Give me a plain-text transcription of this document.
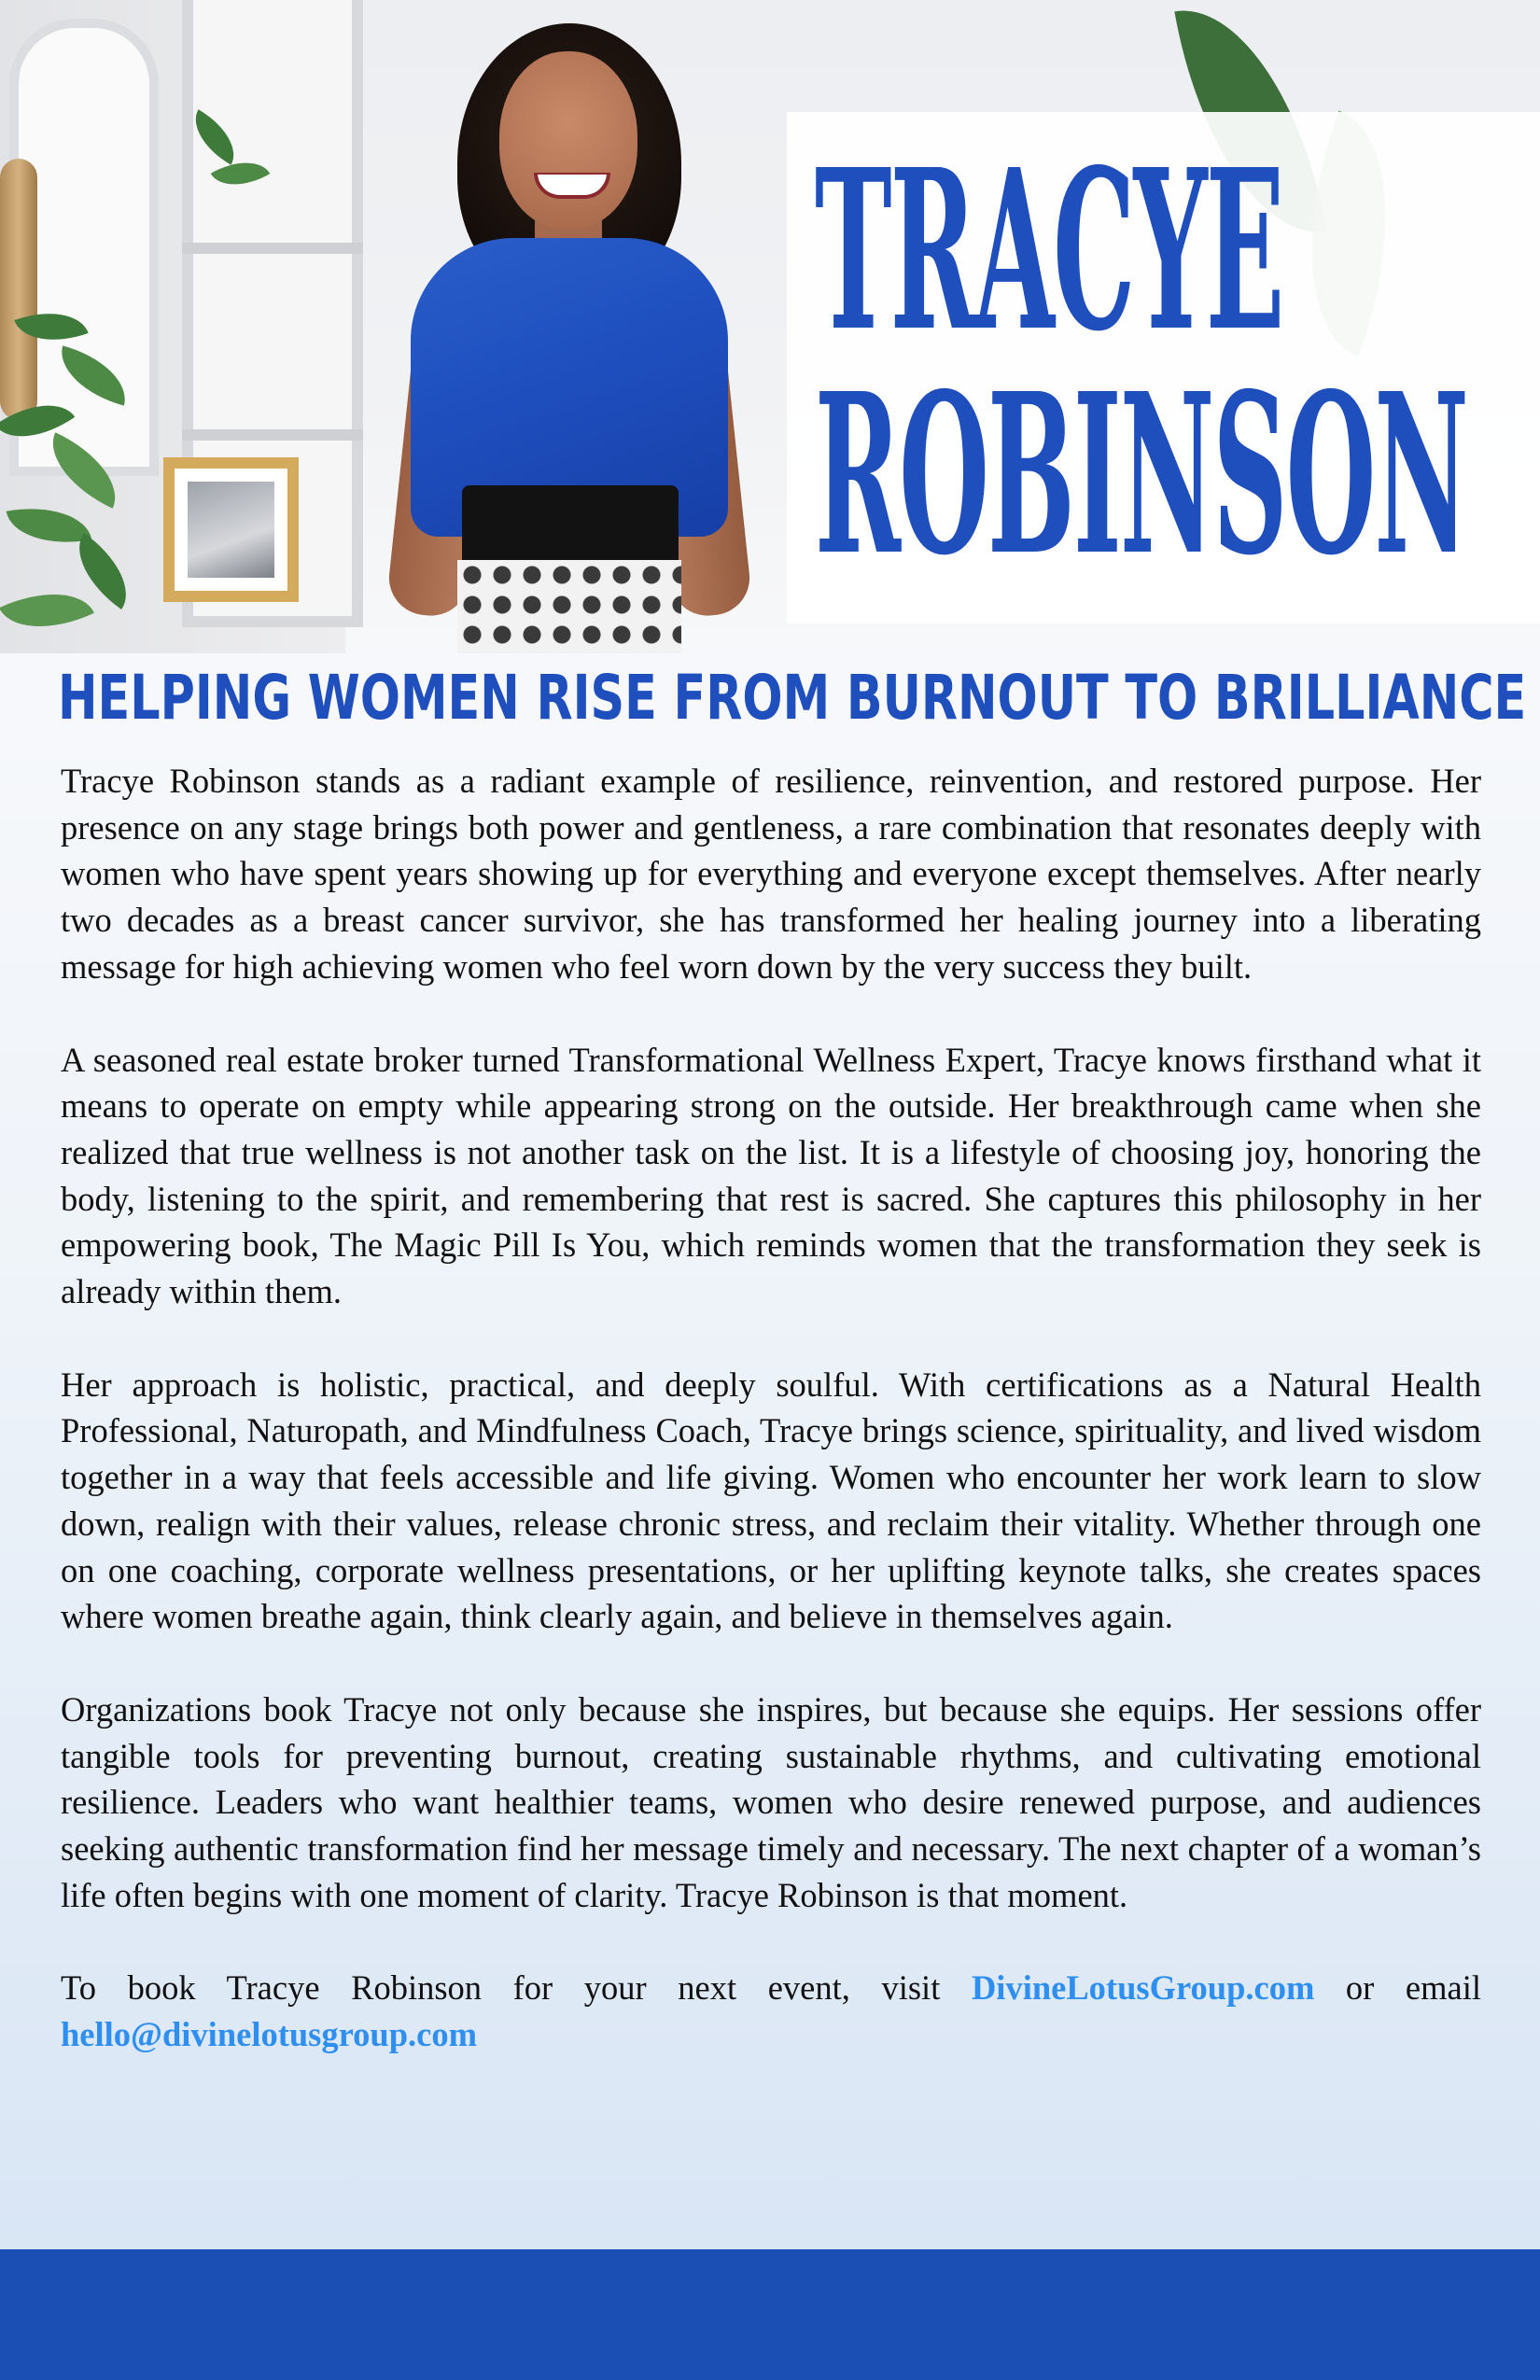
TRACYE
ROBINSON
HELPING WOMEN RISE FROM BURNOUT TO BRILLIANCE

Tracye Robinson stands as a radiant example of resilience, reinvention, and restored purpose. Her presence on any stage brings both power and gentleness, a rare combination that resonates deeply with women who have spent years showing up for everything and everyone except themselves. After nearly two decades as a breast cancer survivor, she has transformed her healing journey into a liberating message for high achieving women who feel worn down by the very success they built.

A seasoned real estate broker turned Transformational Wellness Expert, Tracye knows firsthand what it means to operate on empty while appearing strong on the outside. Her breakthrough came when she realized that true wellness is not another task on the list. It is a lifestyle of choosing joy, honoring the body, listening to the spirit, and remembering that rest is sacred. She captures this philosophy in her empowering book, The Magic Pill Is You, which reminds women that the transformation they seek is already within them.

Her approach is holistic, practical, and deeply soulful. With certifications as a Natural Health Professional, Naturopath, and Mindfulness Coach, Tracye brings science, spirituality, and lived wisdom together in a way that feels accessible and life giving. Women who encounter her work learn to slow down, realign with their values, release chronic stress, and reclaim their vitality. Whether through one on one coaching, corporate wellness presentations, or her uplifting keynote talks, she creates spaces where women breathe again, think clearly again, and believe in themselves again.

Organizations book Tracye not only because she inspires, but because she equips. Her sessions offer tangible tools for preventing burnout, creating sustainable rhythms, and cultivating emotional resilience. Leaders who want healthier teams, women who desire renewed purpose, and audiences seeking authentic transformation find her message timely and necessary. The next chapter of a woman’s life often begins with one moment of clarity. Tracye Robinson is that moment.

To book Tracye Robinson for your next event, visit DivineLotusGroup.com or email hello@divinelotusgroup.com
